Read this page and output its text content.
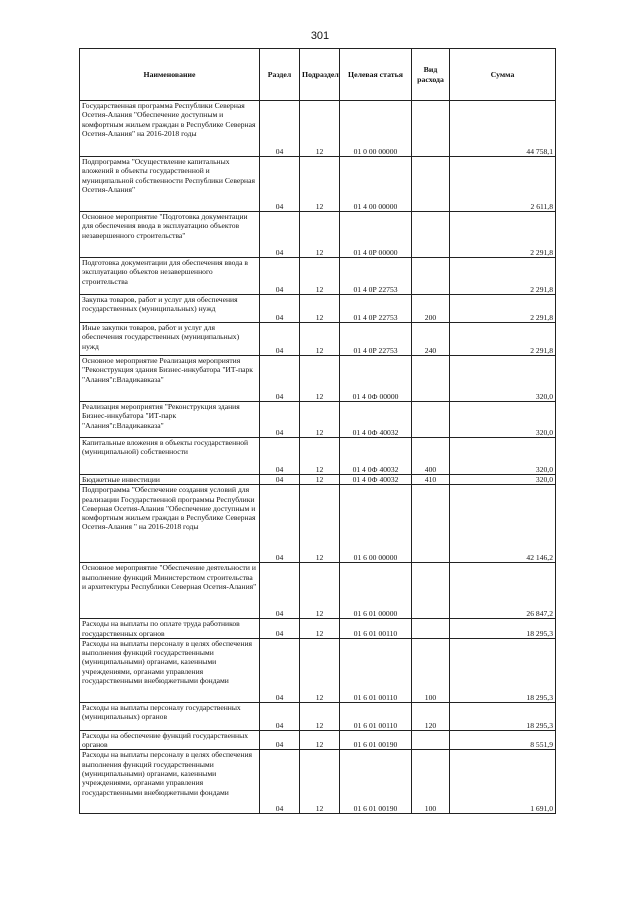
301
Наименование	Раздел	Подраздел	Целевая статья	Вид расхода	Сумма
Государственная программа Республики Северная Осетия-Алания "Обеспечение доступным и комфортным жильем граждан в Республике Северная Осетия-Алания" на 2016-2018 годы	04	12	01 0 00 00000		44 758,1
Подпрограмма "Осуществление капитальных вложений в объекты государственной и муниципальной собственности Республики Северная Осетия-Алания"	04	12	01 4 00 00000		2 611,8
Основное мероприятие "Подготовка документации для обеспечения ввода в эксплуатацию объектов незавершенного строительства"	04	12	01 4 0Р 00000		2 291,8
Подготовка документации для обеспечения ввода в эксплуатацию объектов незавершенного строительства	04	12	01 4 0Р 22753		2 291,8
Закупка товаров, работ и услуг для обеспечения государственных (муниципальных) нужд	04	12	01 4 0Р 22753	200	2 291,8
Иные закупки товаров, работ и услуг для обеспечения государственных (муниципальных) нужд	04	12	01 4 0Р 22753	240	2 291,8
Основное мероприятие Реализация мероприятия "Реконструкция здания Бизнес-инкубатора "ИТ-парк "Алания"г.Владикавказа"	04	12	01 4 0Ф 00000		320,0
Реализация мероприятия "Реконструкция здания Бизнес-инкубатора "ИТ-парк "Алания"г.Владикавказа"	04	12	01 4 0Ф 40032		320,0
Капитальные вложения в объекты государственной (муниципальной) собственности	04	12	01 4 0Ф 40032	400	320,0
Бюджетные инвестиции	04	12	01 4 0Ф 40032	410	320,0
Подпрограмма "Обеспечение создания условий для реализации Государственной программы Республики Северная Осетия-Алания "Обеспечение доступным и комфортным жильем граждан в Республике Северная Осетия-Алания " на 2016-2018 годы	04	12	01 6 00 00000		42 146,2
Основное мероприятие "Обеспечение деятельности и выполнение функций Министерством строительства и архитектуры Республики Северная Осетия-Алания"	04	12	01 6 01 00000		26 847,2
Расходы на выплаты по оплате труда работников государственных органов	04	12	01 6 01 00110		18 295,3
Расходы на выплаты персоналу в целях обеспечения выполнения функций государственными (муниципальными) органами, казенными учреждениями, органами управления государственными внебюджетными фондами	04	12	01 6 01 00110	100	18 295,3
Расходы на выплаты персоналу государственных (муниципальных) органов	04	12	01 6 01 00110	120	18 295,3
Расходы на обеспечение функций государственных органов	04	12	01 6 01 00190		8 551,9
Расходы на выплаты персоналу в целях обеспечения выполнения функций государственными (муниципальными) органами, казенными учреждениями, органами управления государственными внебюджетными фондами	04	12	01 6 01 00190	100	1 691,0
